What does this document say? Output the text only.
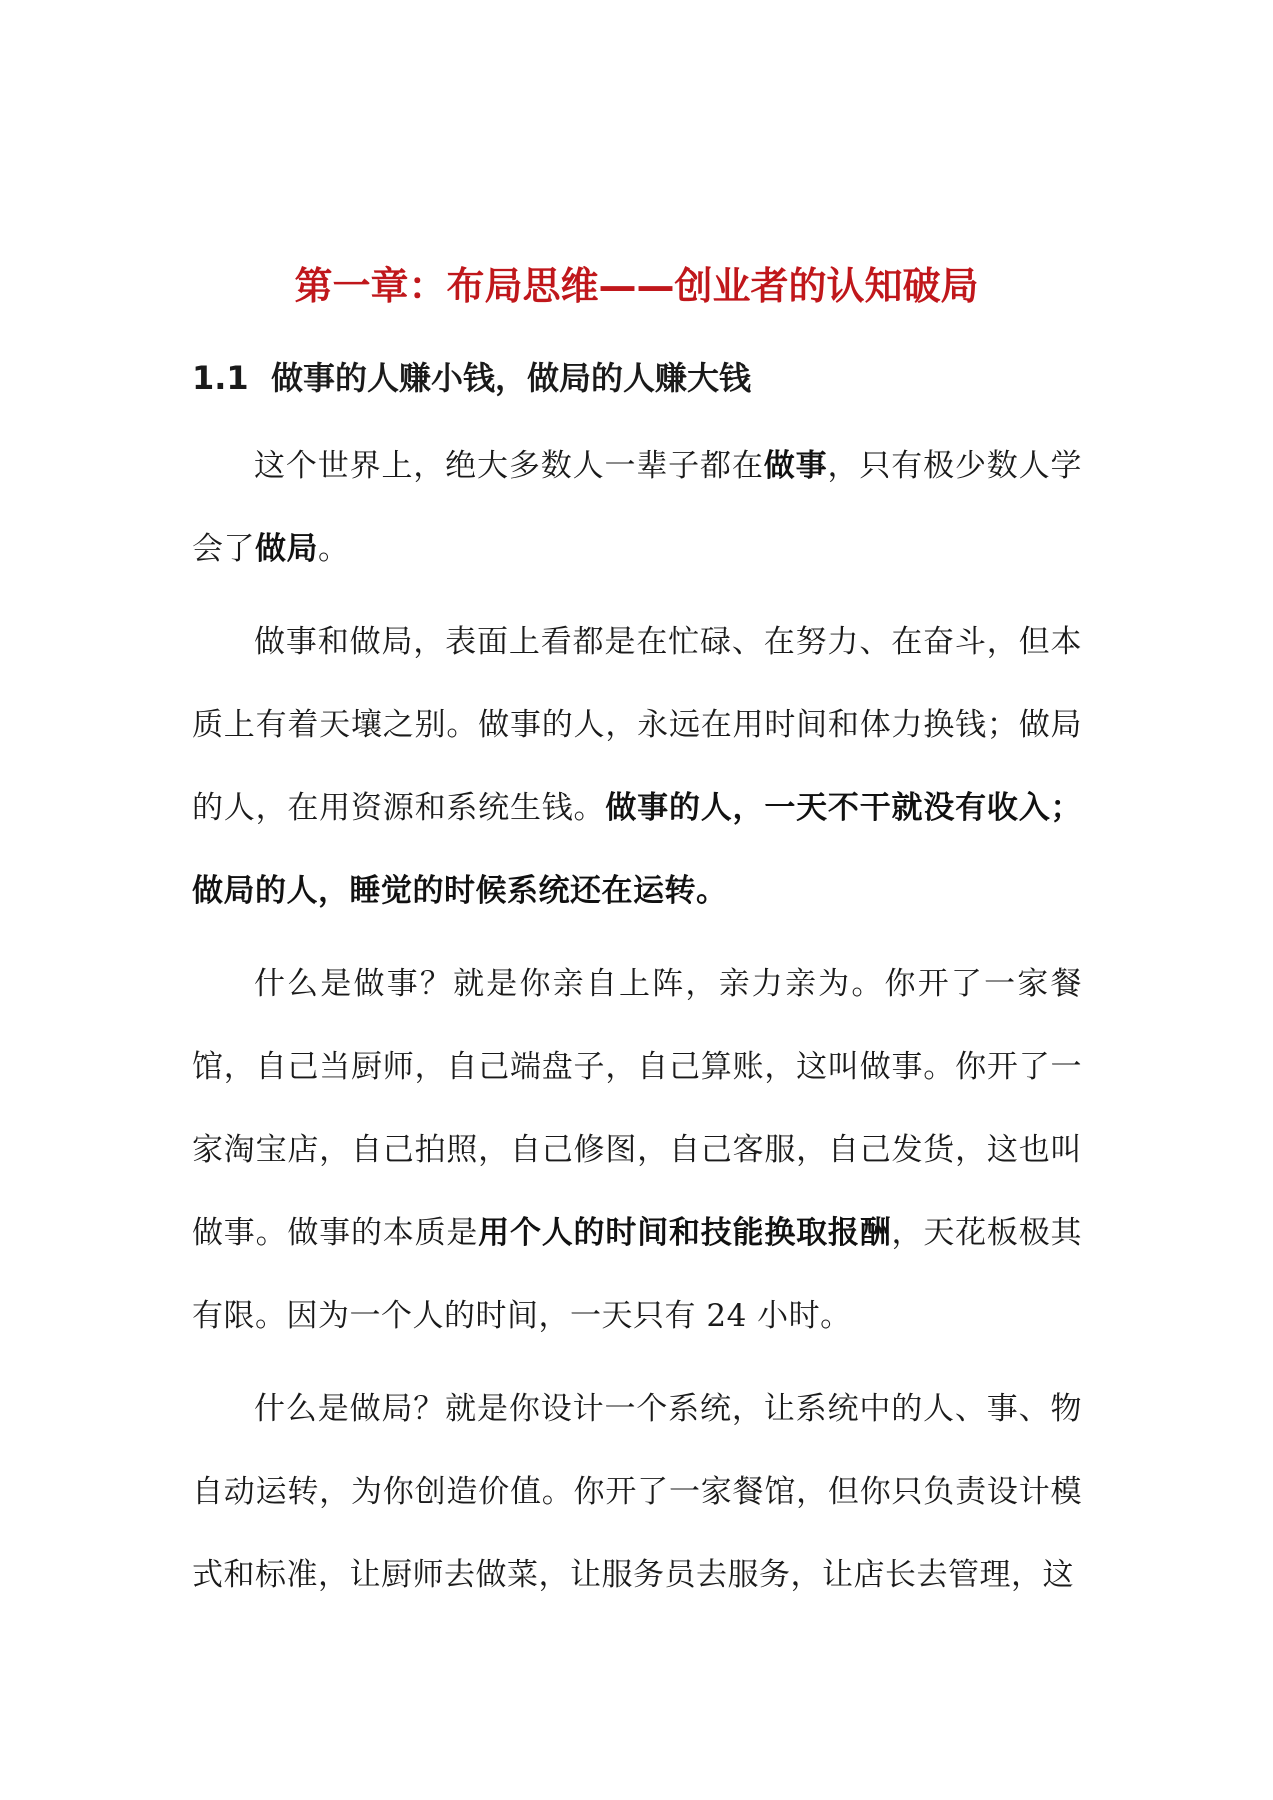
第一章：布局思维——创业者的认知破局
1.1  做事的人赚小钱，做局的人赚大钱

这个世界上，绝大多数人一辈子都在做事，只有极少数人学会了做局。

做事和做局，表面上看都是在忙碌、在努力、在奋斗，但本质上有着天壤之别。做事的人，永远在用时间和体力换钱；做局的人，在用资源和系统生钱。做事的人，一天不干就没有收入；做局的人，睡觉的时候系统还在运转。

什么是做事？就是你亲自上阵，亲力亲为。你开了一家餐馆，自己当厨师，自己端盘子，自己算账，这叫做事。你开了一家淘宝店，自己拍照，自己修图，自己客服，自己发货，这也叫做事。做事的本质是用个人的时间和技能换取报酬，天花板极其有限。因为一个人的时间，一天只有 24 小时。

什么是做局？就是你设计一个系统，让系统中的人、事、物自动运转，为你创造价值。你开了一家餐馆，但你只负责设计模式和标准，让厨师去做菜，让服务员去服务，让店长去管理，这
